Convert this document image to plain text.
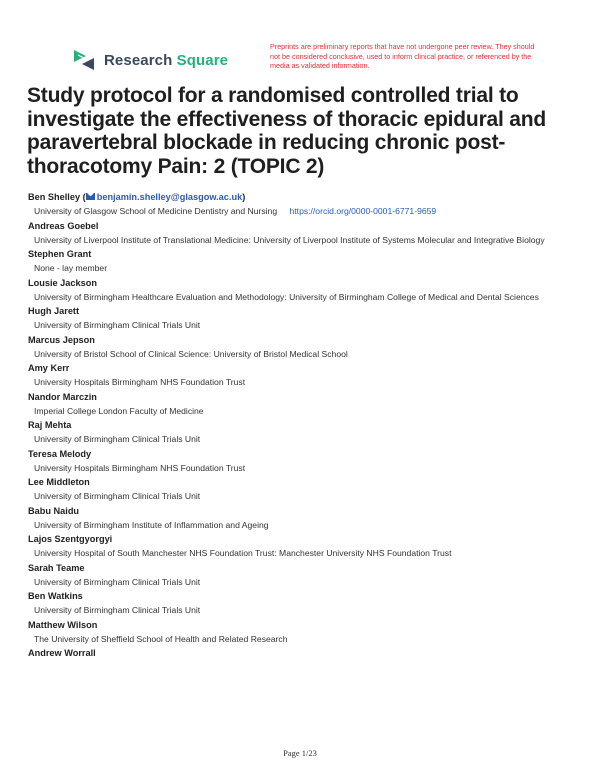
Research Square
Preprints are preliminary reports that have not undergone peer review. They should not be considered conclusive, used to inform clinical practice, or referenced by the media as validated information.
Study protocol for a randomised controlled trial to investigate the effectiveness of thoracic epidural and paravertebral blockade in reducing chronic post-thoracotomy Pain: 2 (TOPIC 2)
Ben Shelley ( benjamin.shelley@glasgow.ac.uk)
University of Glasgow School of Medicine Dentistry and Nursing https://orcid.org/0000-0001-6771-9659
Andreas Goebel
University of Liverpool Institute of Translational Medicine: University of Liverpool Institute of Systems Molecular and Integrative Biology
Stephen Grant
None - lay member
Lousie Jackson
University of Birmingham Healthcare Evaluation and Methodology: University of Birmingham College of Medical and Dental Sciences
Hugh Jarett
University of Birmingham Clinical Trials Unit
Marcus Jepson
University of Bristol School of Clinical Science: University of Bristol Medical School
Amy Kerr
University Hospitals Birmingham NHS Foundation Trust
Nandor Marczin
Imperial College London Faculty of Medicine
Raj Mehta
University of Birmingham Clinical Trials Unit
Teresa Melody
University Hospitals Birmingham NHS Foundation Trust
Lee Middleton
University of Birmingham Clinical Trials Unit
Babu Naidu
University of Birmingham Institute of Inflammation and Ageing
Lajos Szentgyorgyi
University Hospital of South Manchester NHS Foundation Trust: Manchester University NHS Foundation Trust
Sarah Teame
University of Birmingham Clinical Trials Unit
Ben Watkins
University of Birmingham Clinical Trials Unit
Matthew Wilson
The University of Sheffield School of Health and Related Research
Andrew Worrall
Page 1/23
